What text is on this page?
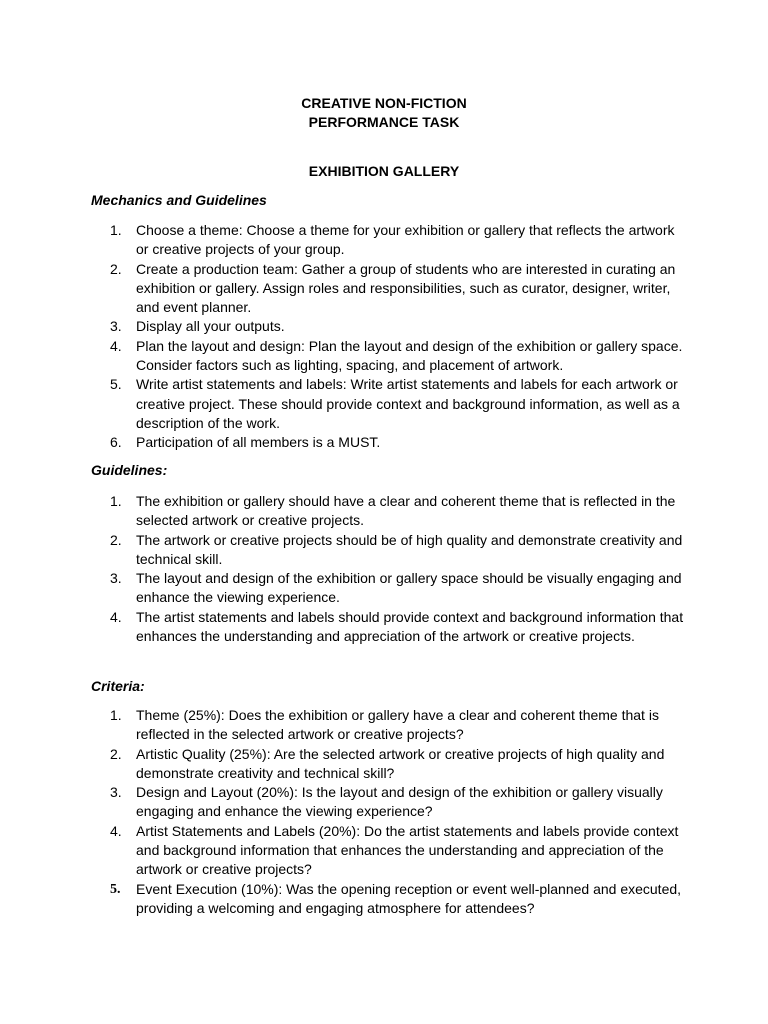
CREATIVE NON-FICTION
PERFORMANCE TASK
EXHIBITION GALLERY
Mechanics and Guidelines
1.	Choose a theme: Choose a theme for your exhibition or gallery that reflects the artwork or creative projects of your group.
2.	Create a production team: Gather a group of students who are interested in curating an exhibition or gallery. Assign roles and responsibilities, such as curator, designer, writer, and event planner.
3.	Display all your outputs.
4.	Plan the layout and design: Plan the layout and design of the exhibition or gallery space. Consider factors such as lighting, spacing, and placement of artwork.
5.	Write artist statements and labels: Write artist statements and labels for each artwork or creative project. These should provide context and background information, as well as a description of the work.
6.	Participation of all members is a MUST.
Guidelines:
1.	The exhibition or gallery should have a clear and coherent theme that is reflected in the selected artwork or creative projects.
2.	The artwork or creative projects should be of high quality and demonstrate creativity and technical skill.
3.	The layout and design of the exhibition or gallery space should be visually engaging and enhance the viewing experience.
4.	The artist statements and labels should provide context and background information that enhances the understanding and appreciation of the artwork or creative projects.
Criteria:
1.	Theme (25%): Does the exhibition or gallery have a clear and coherent theme that is reflected in the selected artwork or creative projects?
2.	Artistic Quality (25%): Are the selected artwork or creative projects of high quality and demonstrate creativity and technical skill?
3.	Design and Layout (20%): Is the layout and design of the exhibition or gallery visually engaging and enhance the viewing experience?
4.	Artist Statements and Labels (20%): Do the artist statements and labels provide context and background information that enhances the understanding and appreciation of the artwork or creative projects?
5.	Event Execution (10%): Was the opening reception or event well-planned and executed, providing a welcoming and engaging atmosphere for attendees?
